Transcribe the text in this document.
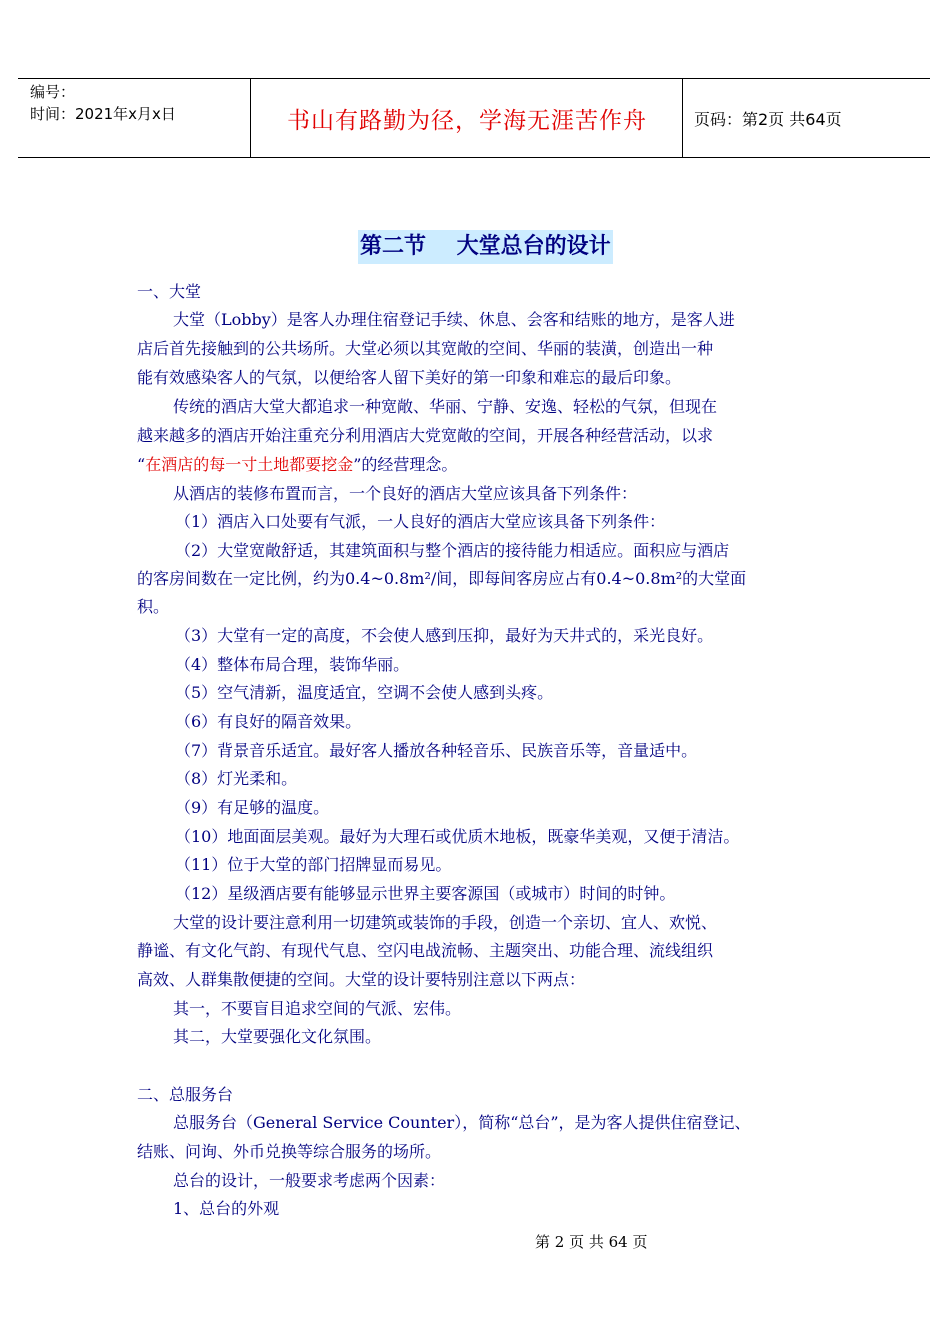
编号：
时间：2021年x月x日	书山有路勤为径，学海无涯苦作舟	页码：第2页 共64页
第二节    大堂总台的设计
一、大堂
大堂（Lobby）是客人办理住宿登记手续、休息、会客和结账的地方，是客人进
店后首先接触到的公共场所。大堂必须以其宽敞的空间、华丽的装潢，创造出一种
能有效感染客人的气氛，以便给客人留下美好的第一印象和难忘的最后印象。
传统的酒店大堂大都追求一种宽敞、华丽、宁静、安逸、轻松的气氛，但现在
越来越多的酒店开始注重充分利用酒店大党宽敞的空间，开展各种经营活动，以求
“在酒店的每一寸土地都要挖金”的经营理念。
从酒店的装修布置而言，一个良好的酒店大堂应该具备下列条件：
（1）酒店入口处要有气派，一人良好的酒店大堂应该具备下列条件：
（2）大堂宽敞舒适，其建筑面积与整个酒店的接待能力相适应。面积应与酒店
的客房间数在一定比例，约为0.4~0.8m²/间，即每间客房应占有0.4~0.8m²的大堂面
积。
（3）大堂有一定的高度，不会使人感到压抑，最好为天井式的，采光良好。
（4）整体布局合理，装饰华丽。
（5）空气清新，温度适宜，空调不会使人感到头疼。
（6）有良好的隔音效果。
（7）背景音乐适宜。最好客人播放各种轻音乐、民族音乐等，音量适中。
（8）灯光柔和。
（9）有足够的温度。
（10）地面面层美观。最好为大理石或优质木地板，既豪华美观，又便于清洁。
（11）位于大堂的部门招牌显而易见。
（12）星级酒店要有能够显示世界主要客源国（或城市）时间的时钟。
大堂的设计要注意利用一切建筑或装饰的手段，创造一个亲切、宜人、欢悦、
静谧、有文化气韵、有现代气息、空闪电战流畅、主题突出、功能合理、流线组织
高效、人群集散便捷的空间。大堂的设计要特别注意以下两点：
其一，不要盲目追求空间的气派、宏伟。
其二，大堂要强化文化氛围。
二、总服务台
总服务台（General Service Counter），简称“总台”，是为客人提供住宿登记、
结账、问询、外币兑换等综合服务的场所。
总台的设计，一般要求考虑两个因素：
1、总台的外观
第 2 页 共 64 页
